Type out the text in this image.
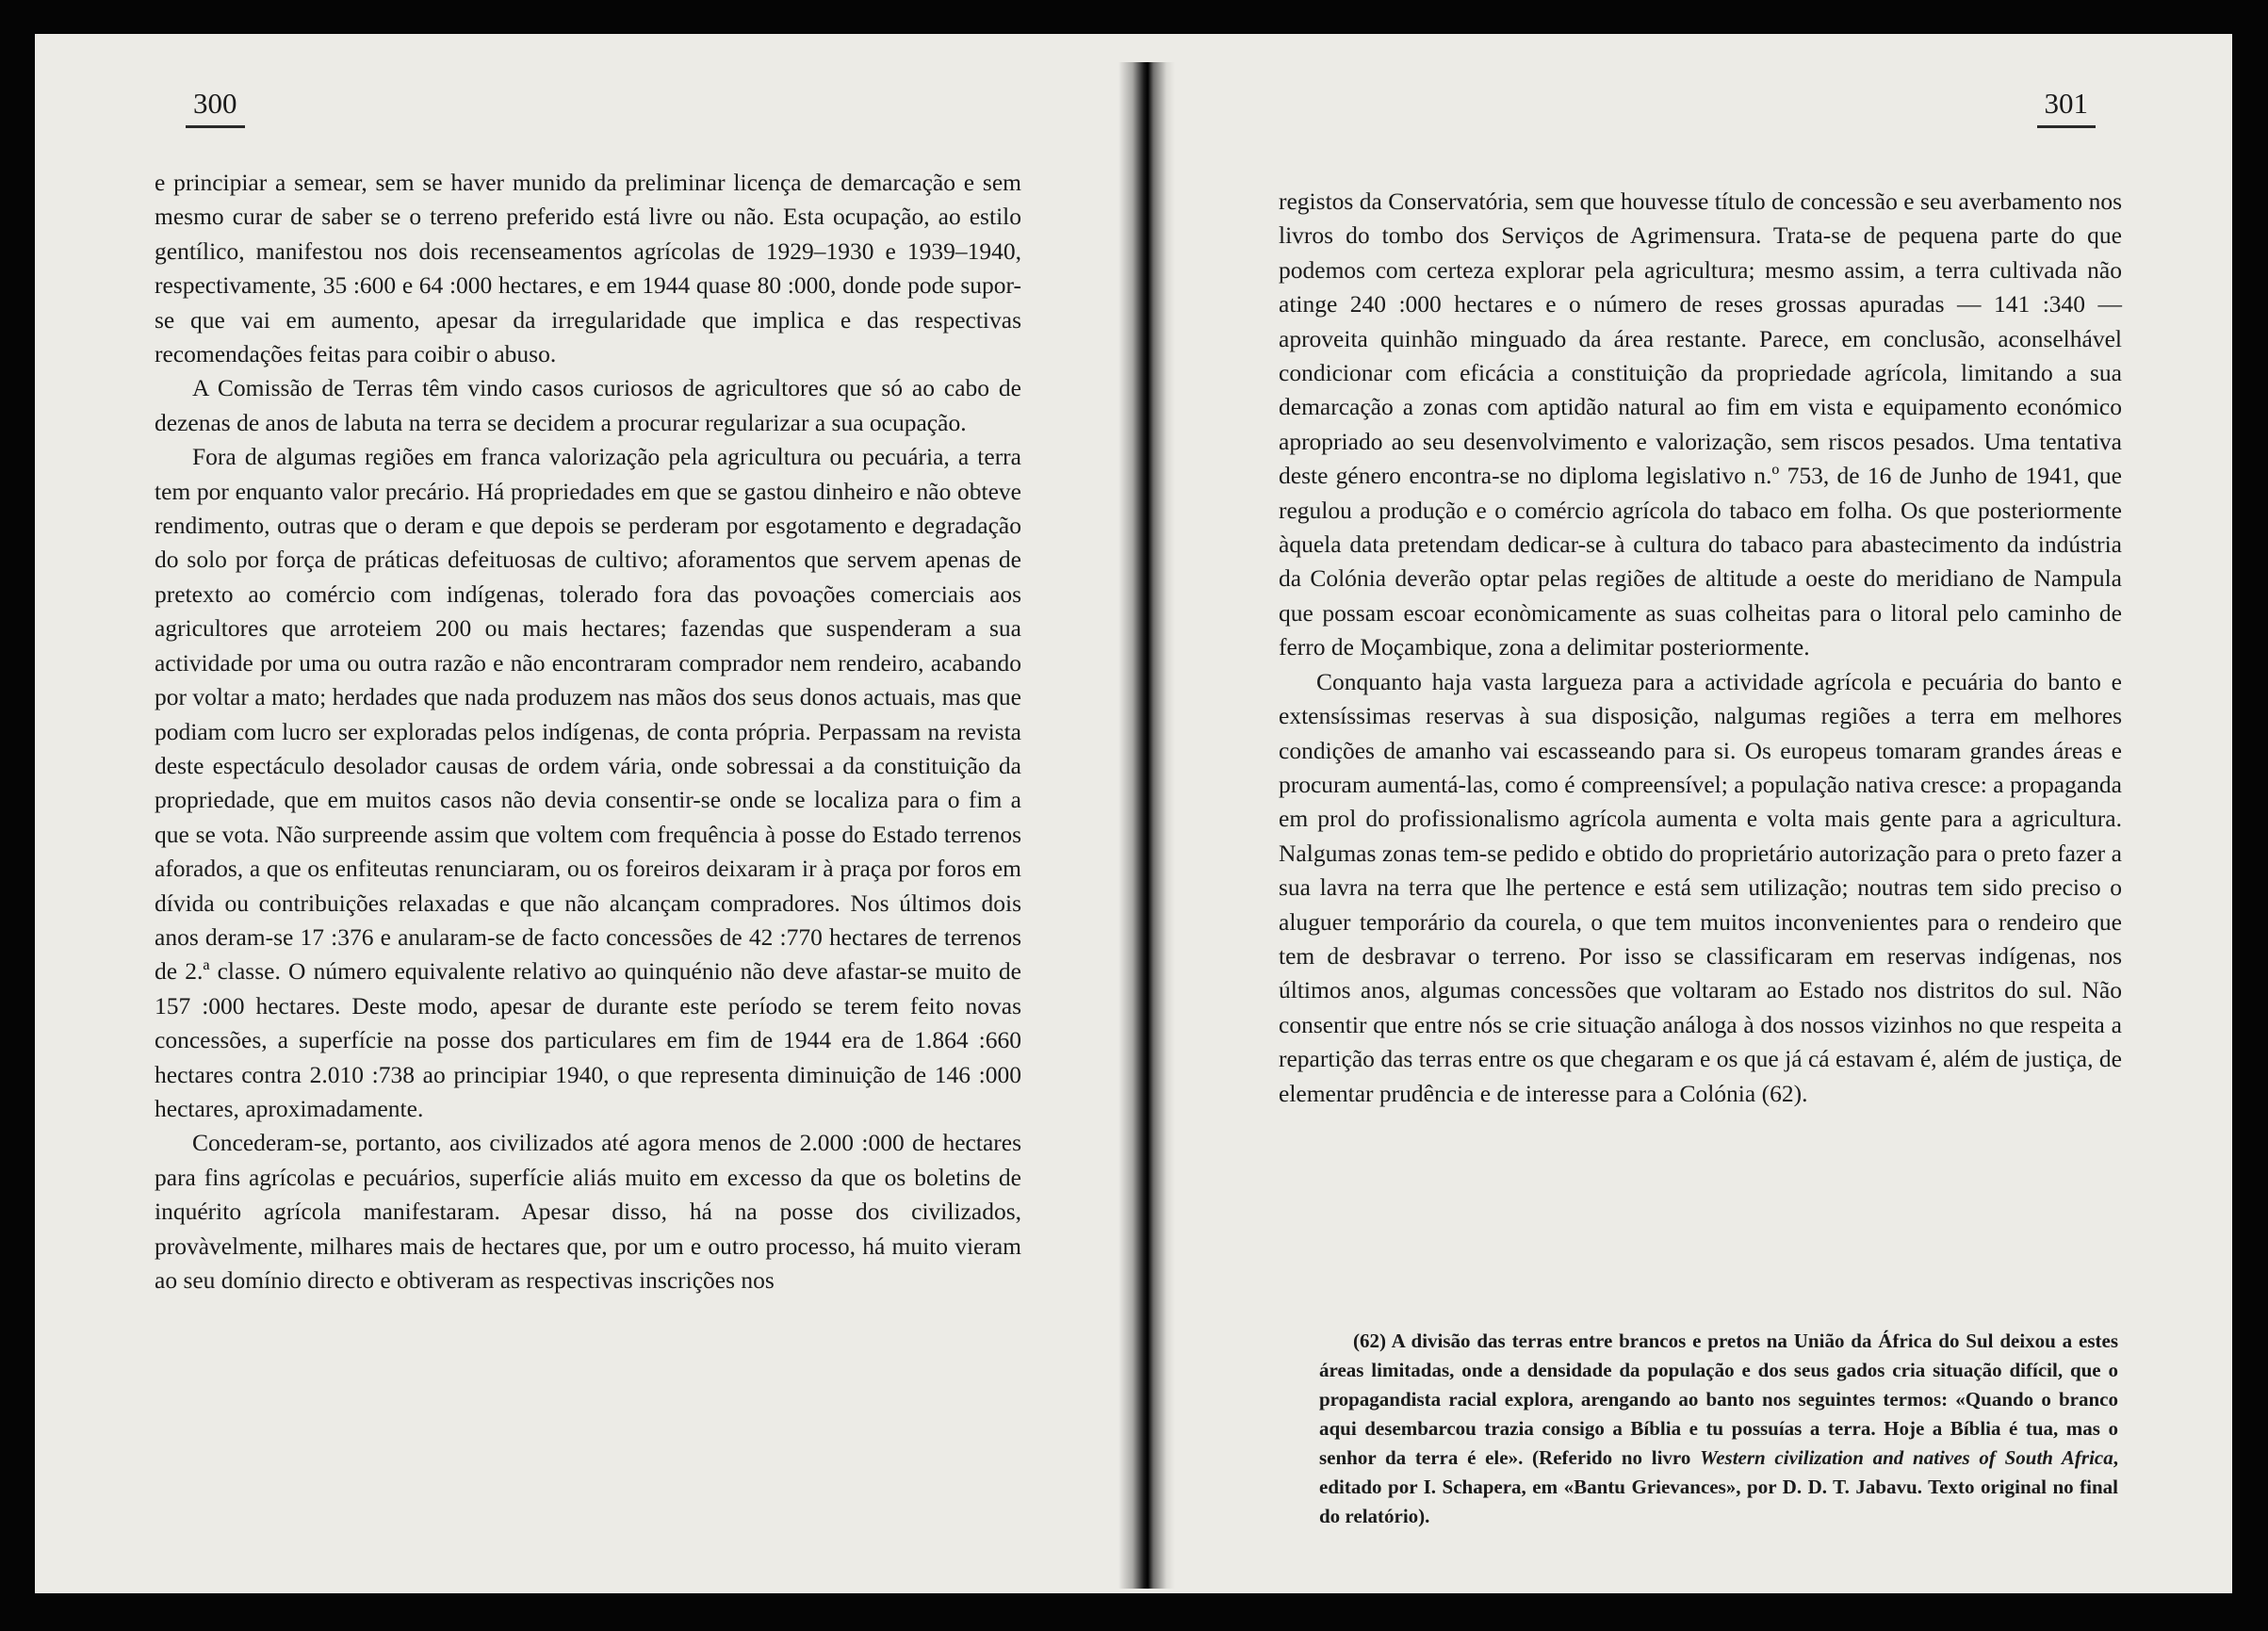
300

e principiar a semear, sem se haver munido da preliminar licença de demarcação e sem mesmo curar de saber se o terreno preferido está livre ou não. Esta ocupação, ao estilo gentílico, manifestou nos dois recenseamentos agrícolas de 1929–1930 e 1939–1940, respectivamente, 35 :600 e 64 :000 hectares, e em 1944 quase 80 :000, donde pode supor-se que vai em aumento, apesar da irregularidade que implica e das respectivas recomendações feitas para coibir o abuso.

A Comissão de Terras têm vindo casos curiosos de agricultores que só ao cabo de dezenas de anos de labuta na terra se decidem a procurar regularizar a sua ocupação.

Fora de algumas regiões em franca valorização pela agricultura ou pecuária, a terra tem por enquanto valor precário. Há propriedades em que se gastou dinheiro e não obteve rendimento, outras que o deram e que depois se perderam por esgotamento e degradação do solo por força de práticas defeituosas de cultivo; aforamentos que servem apenas de pretexto ao comércio com indígenas, tolerado fora das povoações comerciais aos agricultores que arroteiem 200 ou mais hectares; fazendas que suspenderam a sua actividade por uma ou outra razão e não encontraram comprador nem rendeiro, acabando por voltar a mato; herdades que nada produzem nas mãos dos seus donos actuais, mas que podiam com lucro ser exploradas pelos indígenas, de conta própria. Perpassam na revista deste espectáculo desolador causas de ordem vária, onde sobressai a da constituição da propriedade, que em muitos casos não devia consentir-se onde se localiza para o fim a que se vota. Não surpreende assim que voltem com frequência à posse do Estado terrenos aforados, a que os enfiteutas renunciaram, ou os foreiros deixaram ir à praça por foros em dívida ou contribuições relaxadas e que não alcançam compradores. Nos últimos dois anos deram-se 17 :376 e anularam-se de facto concessões de 42 :770 hectares de terrenos de 2.ª classe. O número equivalente relativo ao quinquénio não deve afastar-se muito de 157 :000 hectares. Deste modo, apesar de durante este período se terem feito novas concessões, a superfície na posse dos particulares em fim de 1944 era de 1.864 :660 hectares contra 2.010 :738 ao principiar 1940, o que representa diminuição de 146 :000 hectares, aproximadamente.

Concederam-se, portanto, aos civilizados até agora menos de 2.000 :000 de hectares para fins agrícolas e pecuários, superfície aliás muito em excesso da que os boletins de inquérito agrícola manifestaram. Apesar disso, há na posse dos civilizados, provàvelmente, milhares mais de hectares que, por um e outro processo, há muito vieram ao seu domínio directo e obtiveram as respectivas inscrições nos

301

registos da Conservatória, sem que houvesse título de concessão e seu averbamento nos livros do tombo dos Serviços de Agrimensura. Trata-se de pequena parte do que podemos com certeza explorar pela agricultura; mesmo assim, a terra cultivada não atinge 240 :000 hectares e o número de reses grossas apuradas — 141 :340 — aproveita quinhão minguado da área restante. Parece, em conclusão, aconselhável condicionar com eficácia a constituição da propriedade agrícola, limitando a sua demarcação a zonas com aptidão natural ao fim em vista e equipamento económico apropriado ao seu desenvolvimento e valorização, sem riscos pesados. Uma tentativa deste género encontra-se no diploma legislativo n.º 753, de 16 de Junho de 1941, que regulou a produção e o comércio agrícola do tabaco em folha. Os que posteriormente àquela data pretendam dedicar-se à cultura do tabaco para abastecimento da indústria da Colónia deverão optar pelas regiões de altitude a oeste do meridiano de Nampula que possam escoar econòmicamente as suas colheitas para o litoral pelo caminho de ferro de Moçambique, zona a delimitar posteriormente.

Conquanto haja vasta largueza para a actividade agrícola e pecuária do banto e extensíssimas reservas à sua disposição, nalgumas regiões a terra em melhores condições de amanho vai escasseando para si. Os europeus tomaram grandes áreas e procuram aumentá-las, como é compreensível; a população nativa cresce: a propaganda em prol do profissionalismo agrícola aumenta e volta mais gente para a agricultura. Nalgumas zonas tem-se pedido e obtido do proprietário autorização para o preto fazer a sua lavra na terra que lhe pertence e está sem utilização; noutras tem sido preciso o aluguer temporário da courela, o que tem muitos inconvenientes para o rendeiro que tem de desbravar o terreno. Por isso se classificaram em reservas indígenas, nos últimos anos, algumas concessões que voltaram ao Estado nos distritos do sul. Não consentir que entre nós se crie situação análoga à dos nossos vizinhos no que respeita a repartição das terras entre os que chegaram e os que já cá estavam é, além de justiça, de elementar prudência e de interesse para a Colónia (62).

(62) A divisão das terras entre brancos e pretos na União da África do Sul deixou a estes áreas limitadas, onde a densidade da população e dos seus gados cria situação difícil, que o propagandista racial explora, arengando ao banto nos seguintes termos: «Quando o branco aqui desembarcou trazia consigo a Bíblia e tu possuías a terra. Hoje a Bíblia é tua, mas o senhor da terra é ele». (Referido no livro Western civilization and natives of South Africa, editado por I. Schapera, em «Bantu Grievances», por D. D. T. Jabavu. Texto original no final do relatório).
